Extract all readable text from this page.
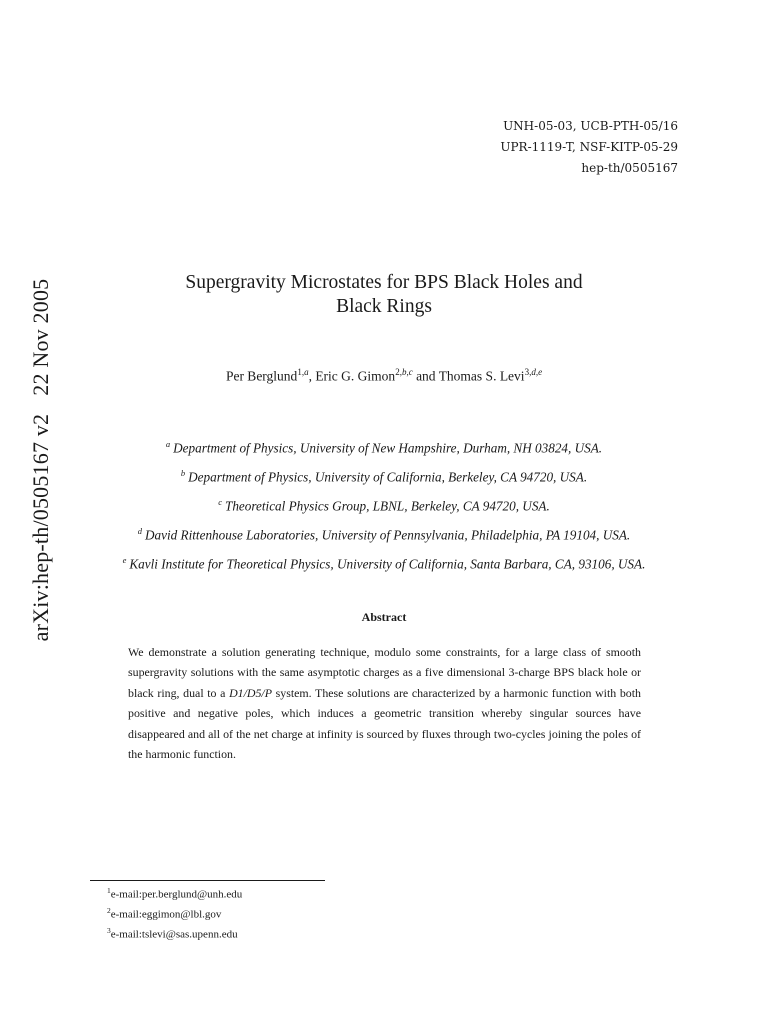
UNH-05-03, UCB-PTH-05/16
UPR-1119-T, NSF-KITP-05-29
hep-th/0505167
arXiv:hep-th/0505167 v222 Nov 2005	Supergravity Microstates for BPS Black Holes and
Black Rings
Per Berglund$^{1,a}$, Eric G. Gimon$^{2,b,c}$ and Thomas S. Levi$^{3,d,e}$
$^a$ Department of Physics, University of New Hampshire, Durham, NH 03824, USA.
$^b$ Department of Physics, University of California, Berkeley, CA 94720, USA.
$^c$ Theoretical Physics Group, LBNL, Berkeley, CA 94720, USA.
$^d$ David Rittenhouse Laboratories, University of Pennsylvania, Philadelphia, PA 19104, USA.
$^e$ Kavli Institute for Theoretical Physics, University of California, Santa Barbara, CA, 93106, USA.
Abstract
We demonstrate a solution generating technique, modulo some constraints, for a large class of smooth supergravity solutions with the same asymptotic charges as a five dimensional 3-charge BPS black hole or black ring, dual to a D1/D5/P system. These solutions are characterized by a harmonic function with both positive and negative poles, which induces a geometric transition whereby singular sources have disappeared and all of the net charge at infinity is sourced by fluxes through two-cycles joining the poles of the harmonic function.
$^1$e-mail:per.berglund@unh.edu
$^2$e-mail:eggimon@lbl.gov
$^3$e-mail:tslevi@sas.upenn.edu
